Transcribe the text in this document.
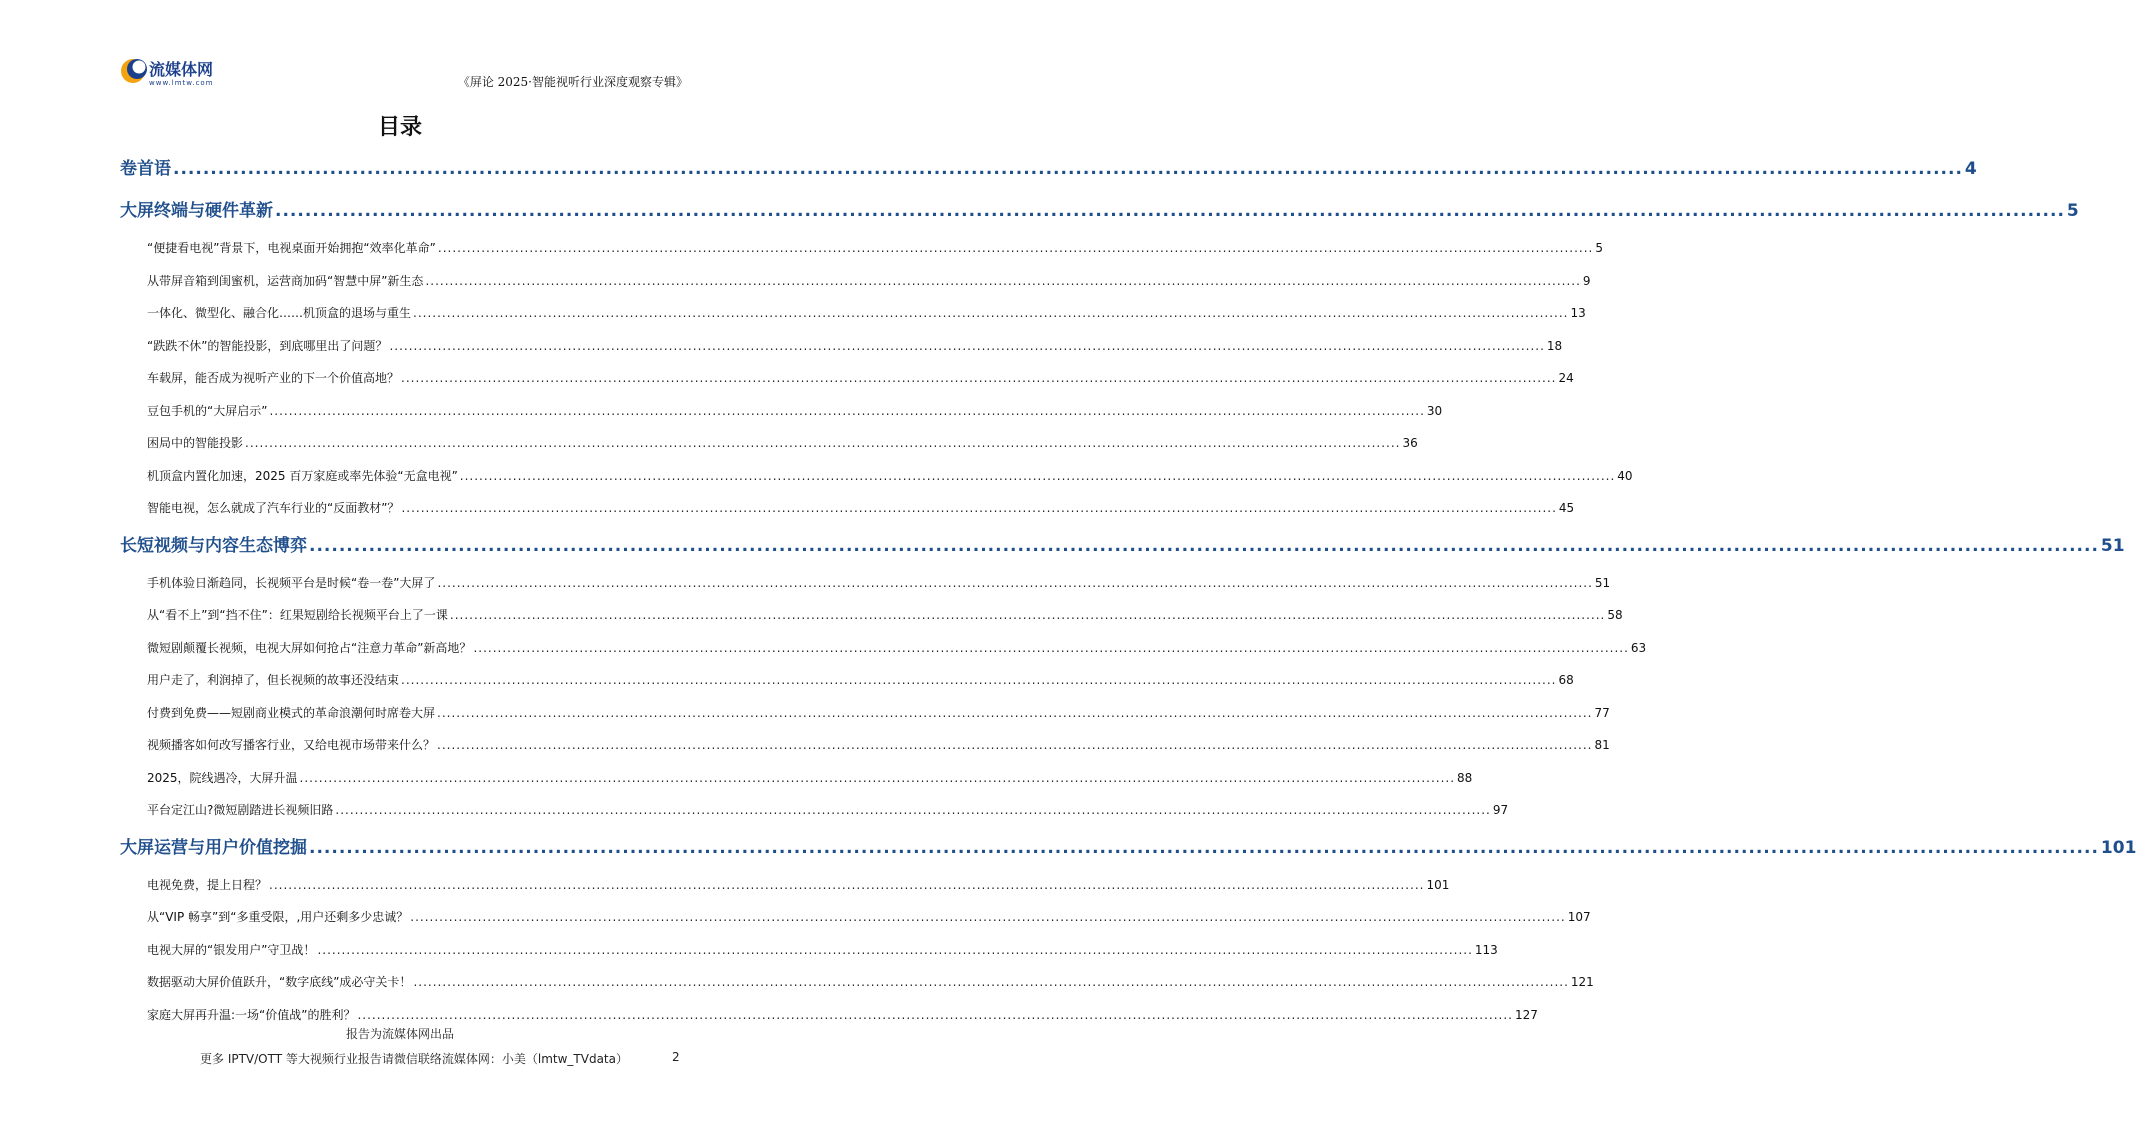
流媒体网
www.lmtw.com	《屏论 2025·智能视听行业深度观察专辑》
目录
卷首语 .....	4
大屏终端与硬件革新 .....	5
“便捷看电视”背景下，电视桌面开始拥抱“效率化革命” .....	5
从带屏音箱到闺蜜机，运营商加码“智慧中屏”新生态 .....	9
一体化、微型化、融合化……机顶盒的退场与重生 .....	13
“跌跌不休”的智能投影，到底哪里出了问题？ .....	18
车载屏，能否成为视听产业的下一个价值高地？ .....	24
豆包手机的“大屏启示” .....	30
困局中的智能投影 .....	36
机顶盒内置化加速，2025 百万家庭或率先体验“无盒电视” .....	40
智能电视，怎么就成了汽车行业的“反面教材”？ .....	45
长短视频与内容生态博弈 .....	51
手机体验日渐趋同，长视频平台是时候“卷一卷”大屏了 .....	51
从“看不上”到“挡不住”：红果短剧给长视频平台上了一课 .....	58
微短剧颠覆长视频，电视大屏如何抢占“注意力革命”新高地？ .....	63
用户走了，利润掉了，但长视频的故事还没结束 .....	68
付费到免费——短剧商业模式的革命浪潮何时席卷大屏 .....	77
视频播客如何改写播客行业，又给电视市场带来什么？ .....	81
2025，院线遇冷，大屏升温 .....	88
平台定江山?微短剧踏进长视频旧路 .....	97
大屏运营与用户价值挖掘 .....	101
电视免费，提上日程？ .....	101
从“VIP 畅享”到“多重受限，,用户还剩多少忠诚？ .....	107
电视大屏的“银发用户”守卫战！ .....	113
数据驱动大屏价值跃升，“数字底线”成必守关卡！ .....	121
家庭大屏再升温:一场“价值战”的胜利？ .....	127
报告为流媒体网出品
更多 IPTV/OTT 等大视频行业报告请微信联络流媒体网：小美（lmtw_TVdata）	2
